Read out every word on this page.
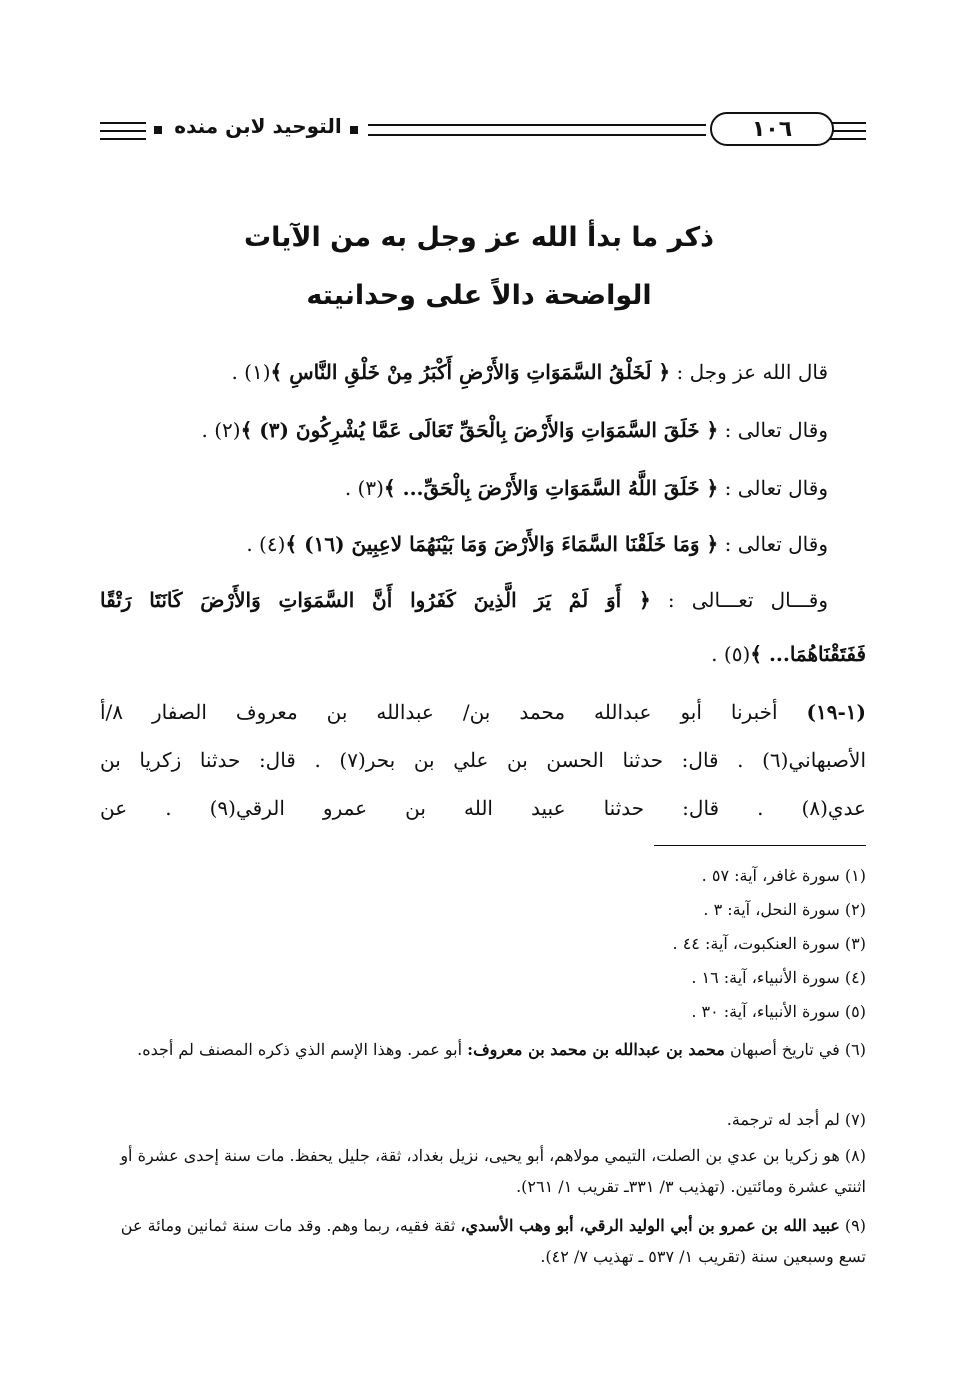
١٠٦
التوحيد لابن منده
ذكر ما بدأ الله عز وجل به من الآيات
الواضحة دالاً على وحدانيته
قال الله عز وجل : ﴿ لَخَلْقُ السَّمَوَاتِ وَالأَرْضِ أَكْبَرُ مِنْ خَلْقِ النَّاسِ ﴾(١) .
وقال تعالى : ﴿ خَلَقَ السَّمَوَاتِ وَالأَرْضَ بِالْحَقِّ تَعَالَى عَمَّا يُشْرِكُونَ (٣) ﴾(٢) .
وقال تعالى : ﴿ خَلَقَ اللَّهُ السَّمَوَاتِ وَالأَرْضَ بِالْحَقِّ... ﴾(٣) .
وقال تعالى : ﴿ وَمَا خَلَقْنَا السَّمَاءَ وَالأَرْضَ وَمَا بَيْنَهُمَا لاعِبِينَ (١٦) ﴾(٤) .
وقـــال تعـــالى : ﴿ أَوَ لَمْ يَرَ الَّذِينَ كَفَرُوا أَنَّ السَّمَوَاتِ وَالأَرْضَ كَانَتَا رَتْقًا
فَفَتَقْنَاهُمَا... ﴾(٥) .
(١-١٩) أخبرنا أبو عبدالله محمد بن/ عبدالله بن معروف الصفار ٨/أ
الأصبهاني(٦) . قال: حدثنا الحسن بن علي بن بحر(٧) . قال: حدثنا زكريا بن
عدي(٨) . قال: حدثنا عبيد الله بن عمرو الرقي(٩) . عن
(١) سورة غافر، آية: ٥٧ .
(٢) سورة النحل، آية: ٣ .
(٣) سورة العنكبوت، آية: ٤٤ .
(٤) سورة الأنبياء، آية: ١٦ .
(٥) سورة الأنبياء، آية: ٣٠ .
(٦) في تاريخ أصبهان محمد بن عبدالله بن محمد بن معروف: أبو عمر. وهذا الإسم الذي ذكره المصنف لم أجده.
(٧) لم أجد له ترجمة.
(٨) هو زكريا بن عدي بن الصلت، التيمي مولاهم، أبو يحيى، نزيل بغداد، ثقة، جليل يحفظ. مات سنة إحدى عشرة أو اثنتي عشرة ومائتين. (تهذيب ٣/ ٣٣١ـ تقريب ١/ ٢٦١).
(٩) عبيد الله بن عمرو بن أبي الوليد الرقي، أبو وهب الأسدي، ثقة فقيه، ربما وهم. وقد مات سنة ثمانين ومائة عن تسع وسبعين سنة (تقريب ١/ ٥٣٧ ـ تهذيب ٧/ ٤٢).
